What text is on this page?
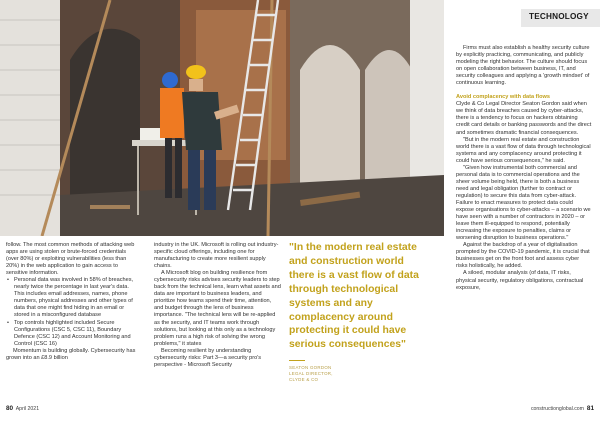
TECHNOLOGY

follow. The most common methods of attacking web apps are using stolen or brute-forced credentials (over 80%) or exploiting vulnerabilities (less than 20%) in the web application to gain access to sensitive information.

• Personal data was involved in 58% of breaches, nearly twice the percentage in last year's data. This includes email addresses, names, phone numbers, physical addresses and other types of data that one might find hiding in an email or stored in a misconfigured database
• Top controls highlighted included Secure Configurations (CSC 5, CSC 11), Boundary Defence (CSC 12) and Account Monitoring and Control (CSC 16)

Momentum is building globally. Cybersecurity has grown into an £8.9 billion

industry in the UK. Microsoft is rolling out industry-specific cloud offerings, including one for manufacturing to create more resilient supply chains.

A Microsoft blog on building resilience from cybersecurity risks advises security leaders to step back from the technical lens, learn what assets and data are important to business leaders, and prioritize how teams spend their time, attention, and budget through the lens of business importance. "The technical lens will be re-applied as the security, and IT teams work through solutions, but looking at this only as a technology problem runs a high risk of solving the wrong problems," it states

Becoming resilient by understanding cybersecurity risks: Part 3—a security pro's perspective - Microsoft Security

"In the modern real estate and construction world there is a vast flow of data through technological systems and any complacency around protecting it could have serious consequences"
SEATON GORDON
LEGAL DIRECTOR,
CLYDE & CO

Firms must also establish a healthy security culture by explicitly practicing, communicating, and publicly modeling the right behavior. The culture should focus on open collaboration between business, IT, and security colleagues and applying a 'growth mindset' of continuous learning.

Avoid complacency with data flows

Clyde & Co Legal Director Seaton Gordon said when we think of data breaches caused by cyber-attacks, there is a tendency to focus on hackers obtaining credit card details or banking passwords and the direct and sometimes dramatic financial consequences.

"But in the modern real estate and construction world there is a vast flow of data through technological systems and any complacency around protecting it could have serious consequences," he said.

"Given how instrumental both commercial and personal data is to commercial operations and the sheer volume being held, there is both a business need and legal obligation (further to contract or regulation) to secure this data from cyber-attack. Failure to enact measures to protect data could expose organisations to cyber-attacks – a scenario we have seen with a number of contractors in 2020 – or leave them ill-equipped to respond, potentially increasing the exposure to penalties, claims or worsening disruption to business operations."

Against the backdrop of a year of digitalisation prompted by the COVID-19 pandemic, it is crucial that businesses get on the front foot and assess cyber risks holistically, he added.

A siloed, modular analysis (of data, IT risks, physical security, regulatory obligations, contractual exposure,

80 April 2021	constructionglobal.com 81
